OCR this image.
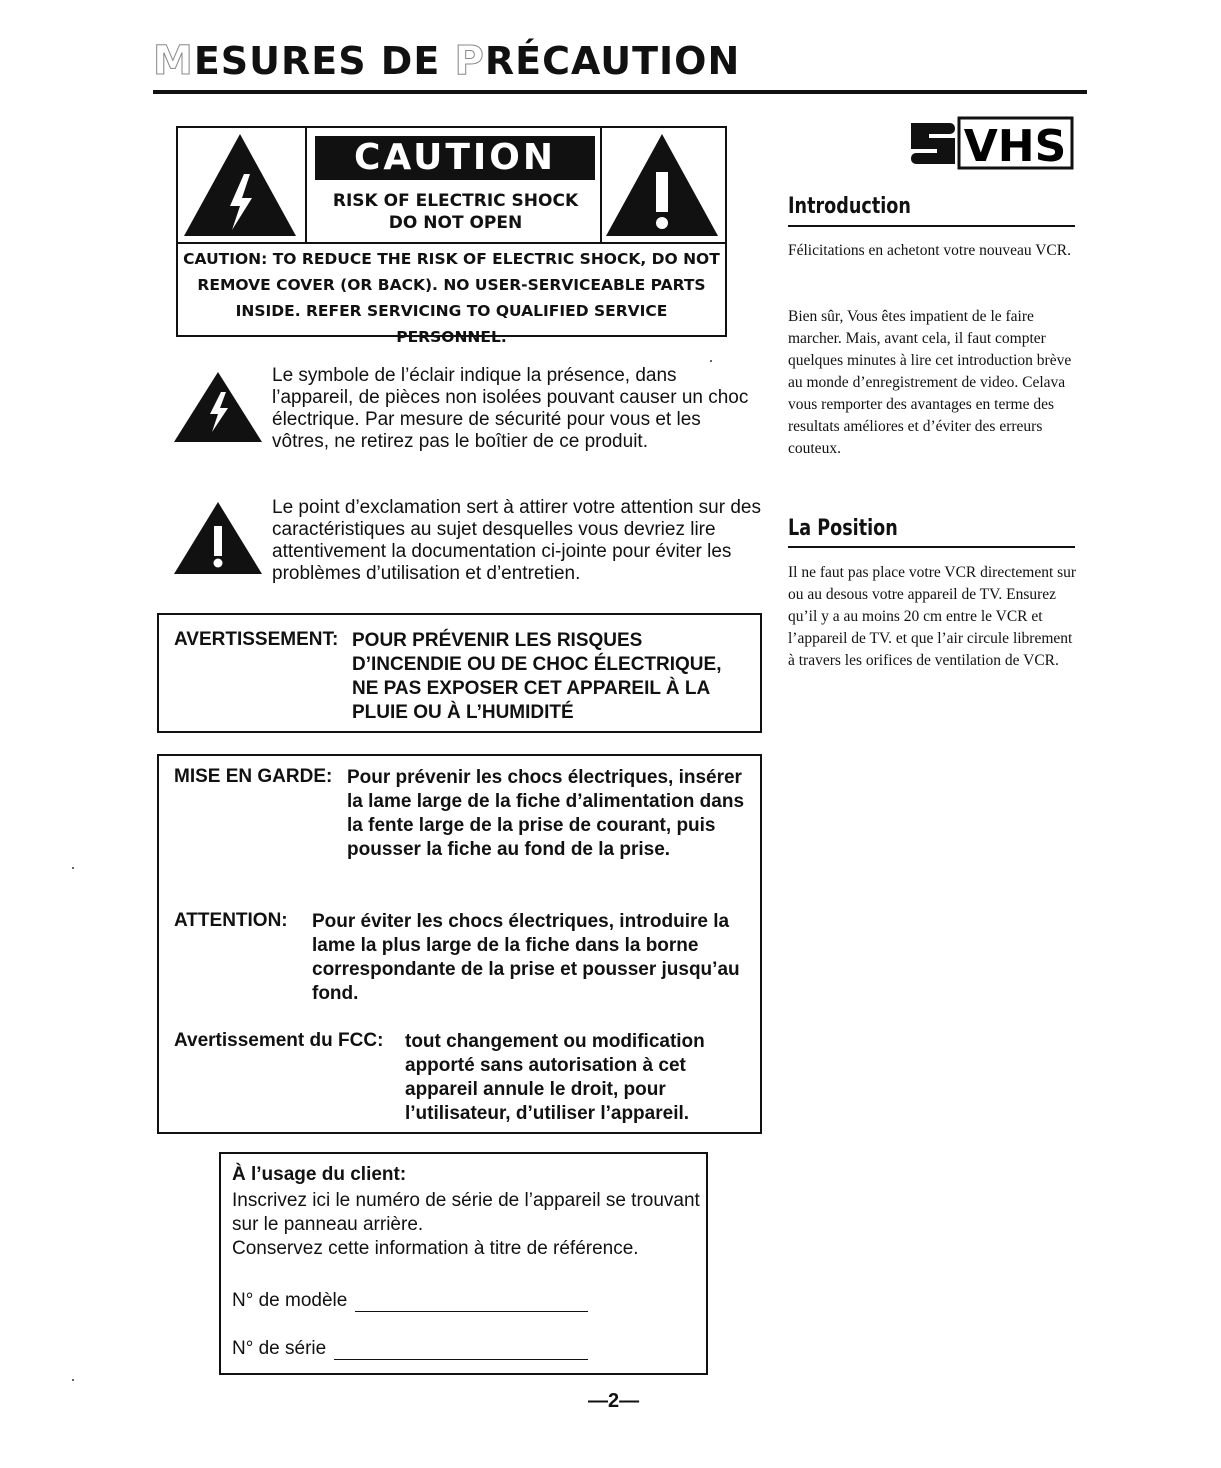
MESURES DE PRÉCAUTION
CAUTION
RISK OF ELECTRIC SHOCK
DO NOT OPEN
CAUTION: TO REDUCE THE RISK OF ELECTRIC SHOCK, DO NOT
REMOVE COVER (OR BACK). NO USER-SERVICEABLE PARTS
INSIDE. REFER SERVICING TO QUALIFIED SERVICE PERSONNEL.
Le symbole de l’éclair indique la présence, dans l’appareil, de pièces non isolées pouvant causer un choc électrique. Par mesure de sécurité pour vous et les vôtres, ne retirez pas le boîtier de ce produit.
Le point d’exclamation sert à attirer votre attention sur des caractéristiques au sujet desquelles vous devriez lire attentivement la documentation ci-jointe pour éviter les problèmes d’utilisation et d’entretien.
AVERTISSEMENT: POUR PRÉVENIR LES RISQUES D’INCENDIE OU DE CHOC ÉLECTRIQUE, NE PAS EXPOSER CET APPAREIL À LA PLUIE OU À L’HUMIDITÉ
MISE EN GARDE: Pour prévenir les chocs électriques, insérer la lame large de la fiche d’alimentation dans la fente large de la prise de courant, puis pousser la fiche au fond de la prise.
ATTENTION: Pour éviter les chocs électriques, introduire la lame la plus large de la fiche dans la borne correspondante de la prise et pousser jusqu’au fond.
Avertissement du FCC: tout changement ou modification apporté sans autorisation à cet appareil annule le droit, pour l’utilisateur, d’utiliser l’appareil.
À l’usage du client:
Inscrivez ici le numéro de série de l’appareil se trouvant sur le panneau arrière.
Conservez cette information à titre de référence.
N° de modèle
N° de série
—2—
VHS
Introduction
Félicitations en achetont votre nouveau VCR.
Bien sûr, Vous êtes impatient de le faire marcher. Mais, avant cela, il faut compter quelques minutes à lire cet introduction brève au monde d’enregistrement de video. Celava vous remporter des avantages en terme des resultats améliores et d’éviter des erreurs couteux.
La Position
Il ne faut pas place votre VCR directement sur ou au desous votre appareil de TV. Ensurez qu’il y a au moins 20 cm entre le VCR et l’appareil de TV. et que l’air circule librement à travers les orifices de ventilation de VCR.
